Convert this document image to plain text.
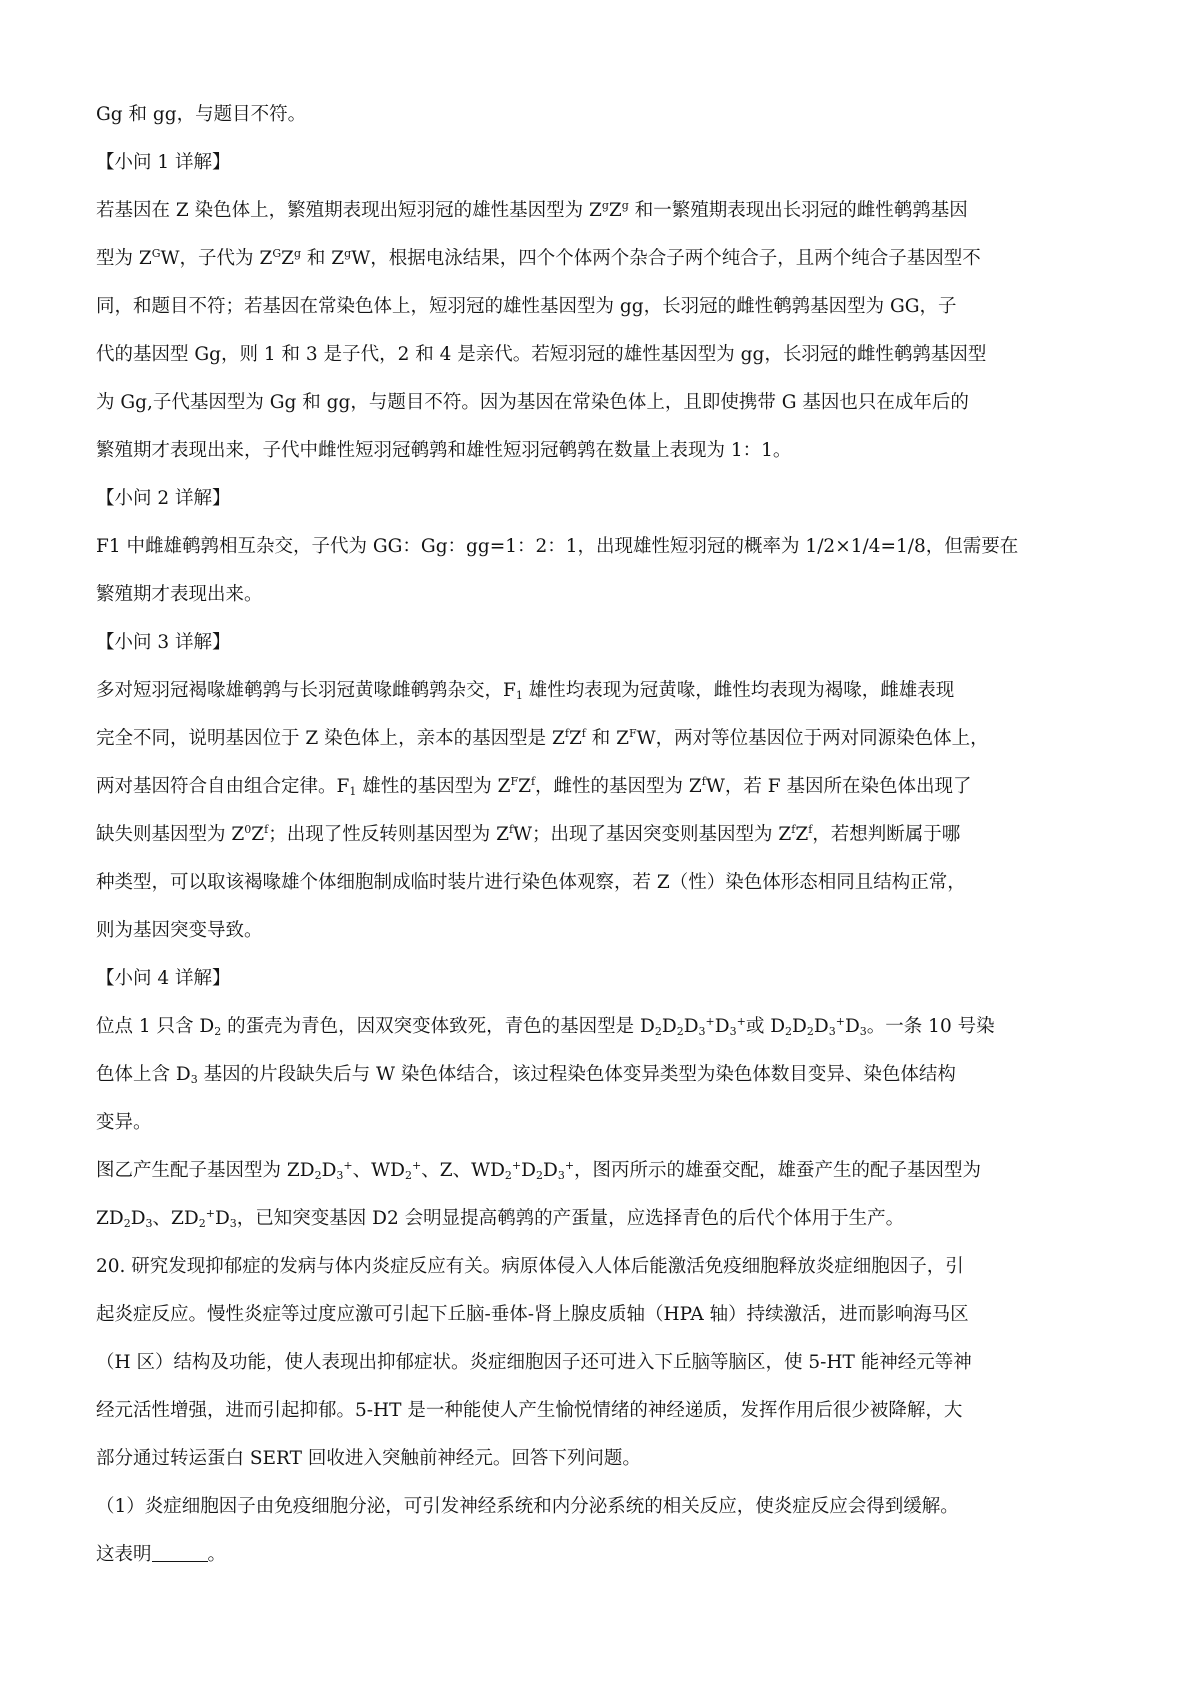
Gg 和 gg，与题目不符。

【小问 1 详解】

若基因在 Z 染色体上，繁殖期表现出短羽冠的雄性基因型为 $Z^gZ^g$ 和一繁殖期表现出长羽冠的雌性鹌鹑基因

型为 $Z^GW$，子代为 $Z^GZ^g$ 和 $Z^gW$，根据电泳结果，四个个体两个杂合子两个纯合子，且两个纯合子基因型不

同，和题目不符；若基因在常染色体上，短羽冠的雄性基因型为 gg，长羽冠的雌性鹌鹑基因型为 GG，子

代的基因型 Gg，则 1 和 3 是子代，2 和 4 是亲代。若短羽冠的雄性基因型为 gg，长羽冠的雌性鹌鹑基因型

为 Gg,子代基因型为 Gg 和 gg，与题目不符。因为基因在常染色体上，且即使携带 G 基因也只在成年后的

繁殖期才表现出来，子代中雌性短羽冠鹌鹑和雄性短羽冠鹌鹑在数量上表现为 1：1。

【小问 2 详解】

F1 中雌雄鹌鹑相互杂交，子代为 GG：Gg：gg=1：2：1，出现雄性短羽冠的概率为 1/2×1/4=1/8，但需要在

繁殖期才表现出来。

【小问 3 详解】

多对短羽冠褐喙雄鹌鹑与长羽冠黄喙雌鹌鹑杂交，$F_1$ 雄性均表现为冠黄喙，雌性均表现为褐喙，雌雄表现

完全不同，说明基因位于 Z 染色体上，亲本的基因型是 $Z^fZ^f$ 和 $Z^FW$，两对等位基因位于两对同源染色体上，

两对基因符合自由组合定律。$F_1$ 雄性的基因型为 $Z^FZ^f$，雌性的基因型为 $Z^fW$，若 F 基因所在染色体出现了

缺失则基因型为 $Z^0Z^f$；出现了性反转则基因型为 $Z^fW$；出现了基因突变则基因型为 $Z^fZ^f$，若想判断属于哪

种类型，可以取该褐喙雄个体细胞制成临时装片进行染色体观察，若 Z（性）染色体形态相同且结构正常，

则为基因突变导致。

【小问 4 详解】

位点 1 只含 $D_2$ 的蛋壳为青色，因双突变体致死，青色的基因型是 $D_2D_2D_3^+D_3^+$或 $D_2D_2D_3^+D_3$。一条 10 号染

色体上含 $D_3$ 基因的片段缺失后与 W 染色体结合，该过程染色体变异类型为染色体数目变异、染色体结构

变异。

图乙产生配子基因型为 $ZD_2D_3^+$、$WD_2^+$、Z、$WD_2^+D_2D_3^+$，图丙所示的雄蚕交配，雄蚕产生的配子基因型为

$ZD_2D_3$、$ZD_2^+D_3$，已知突变基因 D2 会明显提高鹌鹑的产蛋量，应选择青色的后代个体用于生产。

20. 研究发现抑郁症的发病与体内炎症反应有关。病原体侵入人体后能激活免疫细胞释放炎症细胞因子，引

起炎症反应。慢性炎症等过度应激可引起下丘脑-垂体-肾上腺皮质轴（HPA 轴）持续激活，进而影响海马区

（H 区）结构及功能，使人表现出抑郁症状。炎症细胞因子还可进入下丘脑等脑区，使 5-HT 能神经元等神

经元活性增强，进而引起抑郁。5-HT 是一种能使人产生愉悦情绪的神经递质，发挥作用后很少被降解，大

部分通过转运蛋白 SERT 回收进入突触前神经元。回答下列问题。

（1）炎症细胞因子由免疫细胞分泌，可引发神经系统和内分泌系统的相关反应，使炎症反应会得到缓解。

这表明	。
